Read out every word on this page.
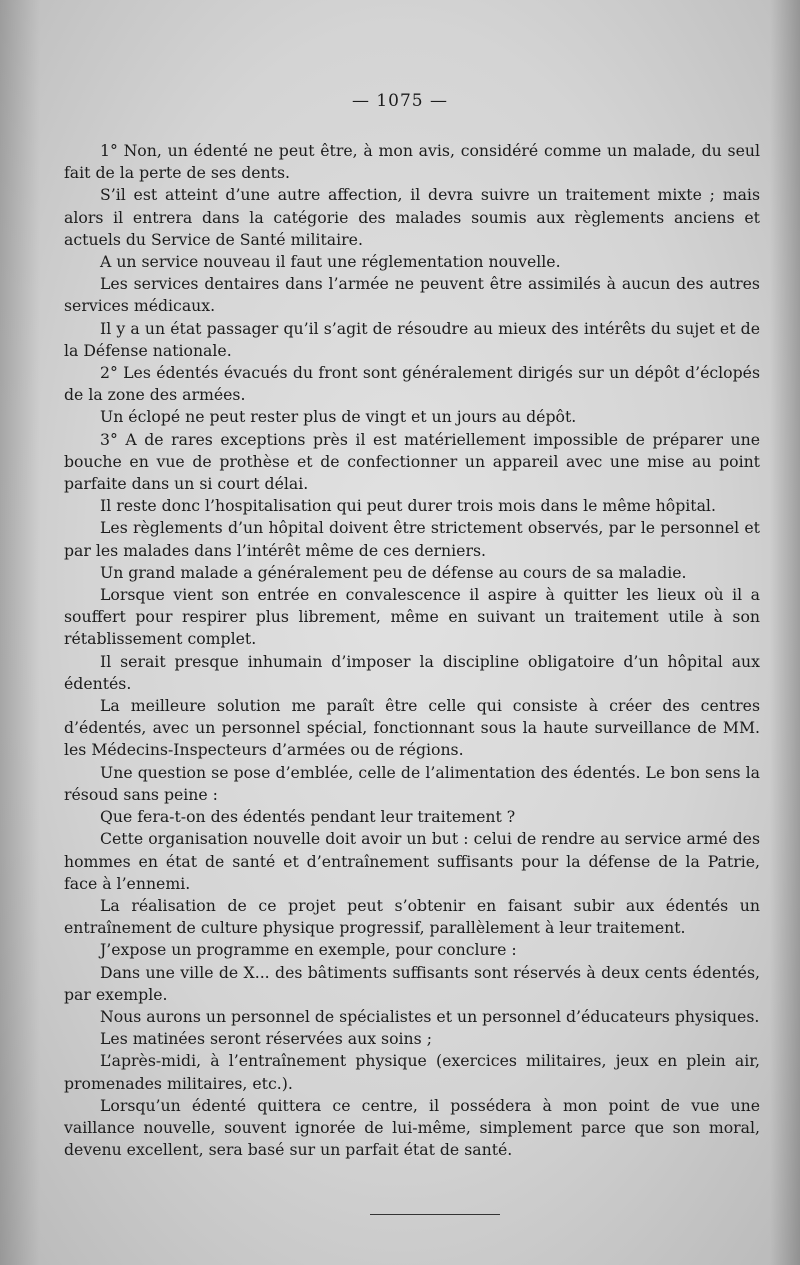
— 1075 —

1° Non, un édenté ne peut être, à mon avis, considéré comme un malade, du seul fait de la perte de ses dents.

S’il est atteint d’une autre affection, il devra suivre un traitement mixte ; mais alors il entrera dans la catégorie des malades soumis aux règlements anciens et actuels du Service de Santé militaire.

A un service nouveau il faut une réglementation nouvelle.

Les services dentaires dans l’armée ne peuvent être assimilés à aucun des autres services médicaux.

Il y a un état passager qu’il s’agit de résoudre au mieux des intérêts du sujet et de la Défense nationale.

2° Les édentés évacués du front sont généralement dirigés sur un dépôt d’éclopés de la zone des armées.

Un éclopé ne peut rester plus de vingt et un jours au dépôt.

3° A de rares exceptions près il est matériellement impossible de préparer une bouche en vue de prothèse et de confectionner un appareil avec une mise au point parfaite dans un si court délai.

Il reste donc l’hospitalisation qui peut durer trois mois dans le même hôpital.

Les règlements d’un hôpital doivent être strictement observés, par le personnel et par les malades dans l’intérêt même de ces derniers.

Un grand malade a généralement peu de défense au cours de sa maladie.

Lorsque vient son entrée en convalescence il aspire à quitter les lieux où il a souffert pour respirer plus librement, même en suivant un traitement utile à son rétablissement complet.

Il serait presque inhumain d’imposer la discipline obligatoire d’un hôpital aux édentés.

La meilleure solution me paraît être celle qui consiste à créer des centres d’édentés, avec un personnel spécial, fonctionnant sous la haute surveillance de MM. les Médecins-Inspecteurs d’armées ou de régions.

Une question se pose d’emblée, celle de l’alimentation des édentés. Le bon sens la résoud sans peine :

Que fera-t-on des édentés pendant leur traitement ?

Cette organisation nouvelle doit avoir un but : celui de rendre au service armé des hommes en état de santé et d’entraînement suffisants pour la défense de la Patrie, face à l’ennemi.

La réalisation de ce projet peut s’obtenir en faisant subir aux édentés un entraînement de culture physique progressif, parallèlement à leur traitement.

J’expose un programme en exemple, pour conclure :

Dans une ville de X... des bâtiments suffisants sont réservés à deux cents édentés, par exemple.

Nous aurons un personnel de spécialistes et un personnel d’éducateurs physiques.

Les matinées seront réservées aux soins ;

L’après-midi, à l’entraînement physique (exercices militaires, jeux en plein air, promenades militaires, etc.).

Lorsqu’un édenté quittera ce centre, il possédera à mon point de vue une vaillance nouvelle, souvent ignorée de lui-même, simplement parce que son moral, devenu excellent, sera basé sur un parfait état de santé.
